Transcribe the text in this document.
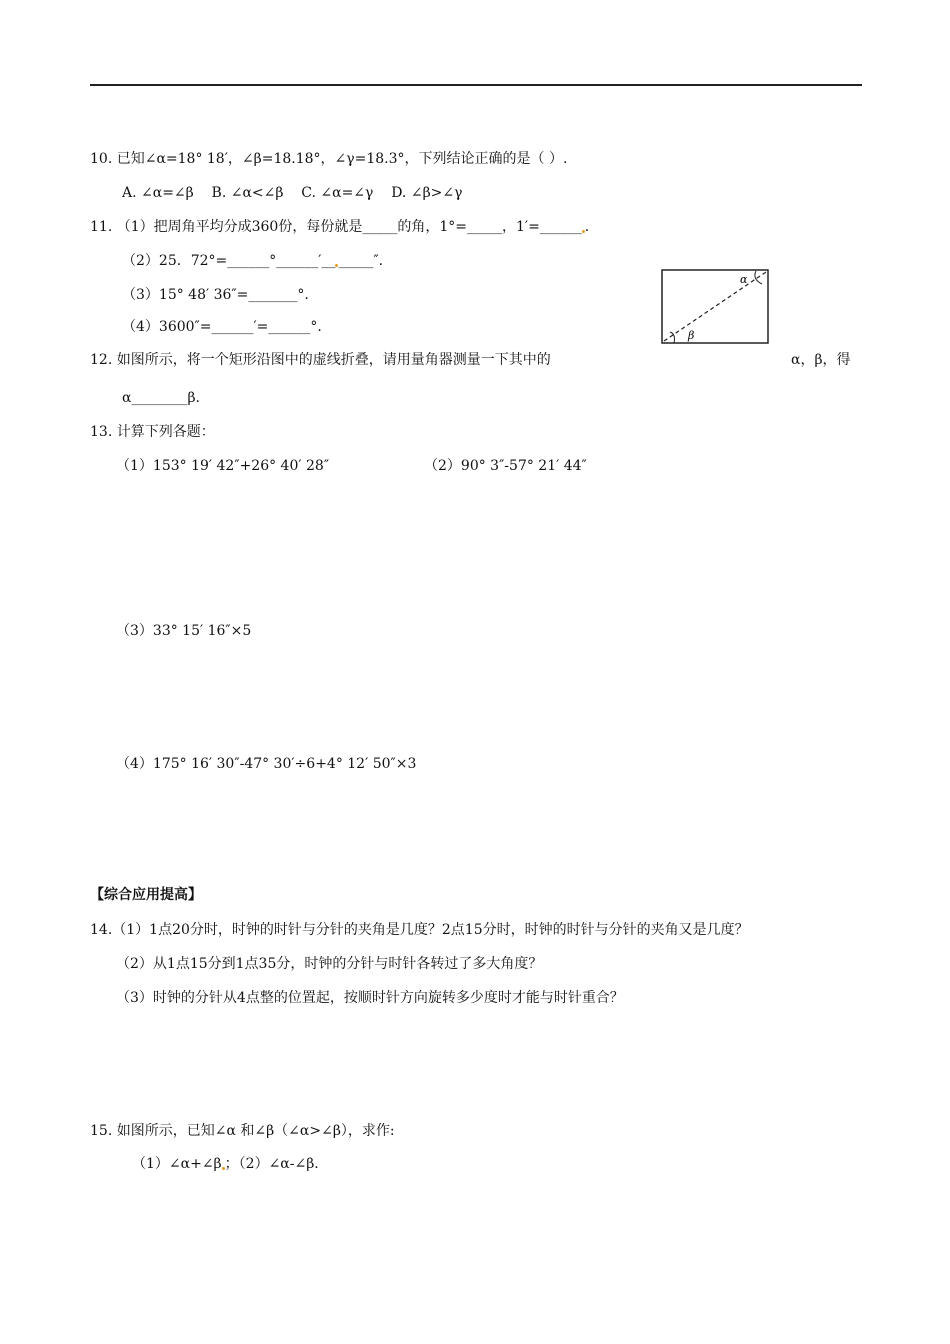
10. 已知∠α=18° 18′，∠β=18.18°，∠γ=18.3°，下列结论正确的是（ ）.
A. ∠α=∠β    B. ∠α<∠β    C. ∠α=∠γ    D. ∠β>∠γ
11. （1）把周角平均分成360份，每份就是_____的角，1°=_____，1′=______ .
（2）25．72°=______°______′__ _____″.
（3）15° 48′ 36″=_______°.
（4）3600″=______′=______°.
α
β
12. 如图所示，将一个矩形沿图中的虚线折叠，请用量角器测量一下其中的	α，β，得
α________β.
13. 计算下列各题：
（1）153° 19′ 42″+26° 40′ 28″	（2）90° 3″-57° 21′ 44″
（3）33° 15′ 16″×5
（4）175° 16′ 30″-47° 30′÷6+4° 12′ 50″×3
【综合应用提高】
14.（1）1点20分时，时钟的时针与分针的夹角是几度？2点15分时，时钟的时针与分针的夹角又是几度？
（2）从1点15分到1点35分，时钟的分针与时针各转过了多大角度？
（3）时钟的分针从4点整的位置起，按顺时针方向旋转多少度时才能与时针重合？
15. 如图所示，已知∠α 和∠β（∠α>∠β），求作:
（1）∠α+∠β ；（2）∠α-∠β.
